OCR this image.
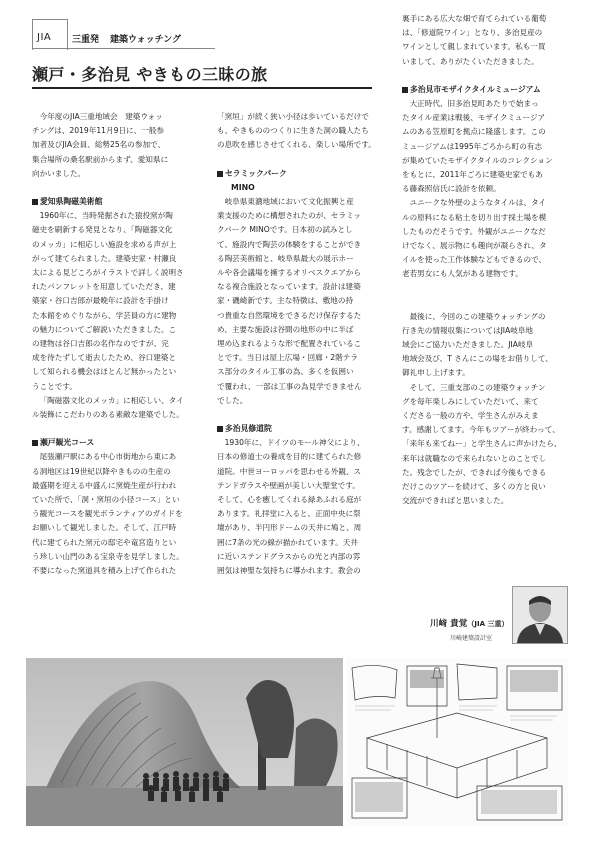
JIA 三重発 建築ウォッチング
瀬戸・多治見 やきもの三昧の旅
今年度のJIA三重地域会　建築ウォッ
チングは、2019年11月9日に、一般参
加者及びJIA会員、総勢25名の参加で、
集合場所の桑名駅前からまず、愛知県に
向かいました。
愛知県陶磁美術館
1960年に、当時発掘された猿投窯が陶
磁史を刷新する発見となり、「陶磁器文化
のメッカ」に相応しい施設を求める声が上
がって建てられました。建築史家・村瀬良
太による見どころがイラストで詳しく説明さ
れたパンフレットを用意していただき、建
築家・谷口吉郎が最晩年に設計を手掛け
た本館をめぐりながら、学芸員の方に建物
の魅力についてご解説いただきました。こ
の建物は谷口吉郎の名作なのですが、完
成を待たずして逝去したため、谷口建築と
して知られる機会はほとんど無かったとい
うことです。
「陶磁器文化のメッカ」に相応しい、タイ
ル装飾にこだわりのある素敵な建築でした。
瀬戸観光コース
尾張瀬戸駅にある中心市街地から東にあ
る洞地区は19世紀以降やきものの生産の
最盛期を迎える中盛んに窯焼生産が行われ
ていた所で、「洞・窯垣の小径コース」とい
う観光コースを観光ボランティアのガイドを
お願いして観光しました。そして、江戸時
代に建てられた窯元の邸宅や竜宮造りとい
う珍しい山門のある宝泉寺を見学しました。
不要になった窯道具を積み上げて作られた
「窯垣」が続く狭い小径は歩いているだけで
も、やきもののつくりに生きた洞の職人たち
の息吹を感じさせてくれる、楽しい場所です。
セラミックパーク
MINO
岐阜県東濃地域において文化振興と産
業支援のために構想されたのが、セラミッ
クパーク MINOです。日本初の試みとし
て、施設内で陶芸の体験をすることができ
る陶芸美術館と、岐阜県最大の展示ホー
ルや各会議場を擁するオリベスクエアから
なる複合施設となっています。設計は建築
家・磯崎新です。主な特徴は、敷地の持
つ貴重な自然環境をできるだけ保存するた
め、主要な施設は谷間の地形の中に半ば
埋め込まれるような形で配置されているこ
とです。当日は屋上広場・回廊・2階テラ
ス部分のタイル工事の為、多くを仮囲い
で覆われ、一部は工事の為見学できません
でした。
多治見修道院
1930年に、ドイツのモール神父により、
日本の修道士の養成を目的に建てられた修
道院。中世ヨーロッパを思わせる外観、ス
テンドガラスや壁画が美しい大聖堂です。
そして、心を癒してくれる緑あふれる庭が
あります。礼拝堂に入ると、正面中央に祭
壇があり、半円形ドームの天井に鳩と、周
囲に7条の光の線が描かれています。天井
に近いステンドグラスからの光と内部の雰
囲気は神聖な気持ちに導かれます。教会の
裏手にある広大な畑で育てられている葡萄
は、「修道院ワイン」となり、多治見産の
ワインとして親しまれています。私も一買
いまして、ありがたくいただきました。
多治見市モザイクタイルミュージアム
大正時代、旧多治見町あたりで始まっ
たタイル産業は戦後、モザイクミュージア
ムのある笠原町を拠点に隆盛します。この
ミュージアムは1995年ごろから町の有志
が集めていたモザイクタイルのコレクション
をもとに、2011年ごろに建築史家でもあ
る藤森照信氏に設計を依頼。
ユニークな外壁のようなタイルは、タイ
ルの原料になる粘土を切り出す採土場を模
したものだそうです。外観がユニークなだ
けでなく、展示物にも趣向が凝らされ、タ
イルを使った工作体験などもできるので、
老若男女にも人気がある建物です。
最後に、今回のこの建築ウォッチングの
行き先の情報収集についてはJIA岐阜地
域会にご協力いただきました。JIA岐阜
地域会及び、T さんにこの場をお借りして、
御礼申し上げます。
そして、三重支部のこの建築ウォッチン
グを毎年楽しみにしていただいて、来て
くださる一般の方や、学生さんがみえま
す。感謝してます。今年もツアーが終わって、
「来年も来てねー」と学生さんに声かけたら、
来年は就職なので来られないとのことでし
た。残念でしたが、できれば今後もできる
だけこのツアーを続けて、多くの方と良い
交流ができればと思いました。
川﨑 貴覚（JIA 三重）
川崎建築設計室
